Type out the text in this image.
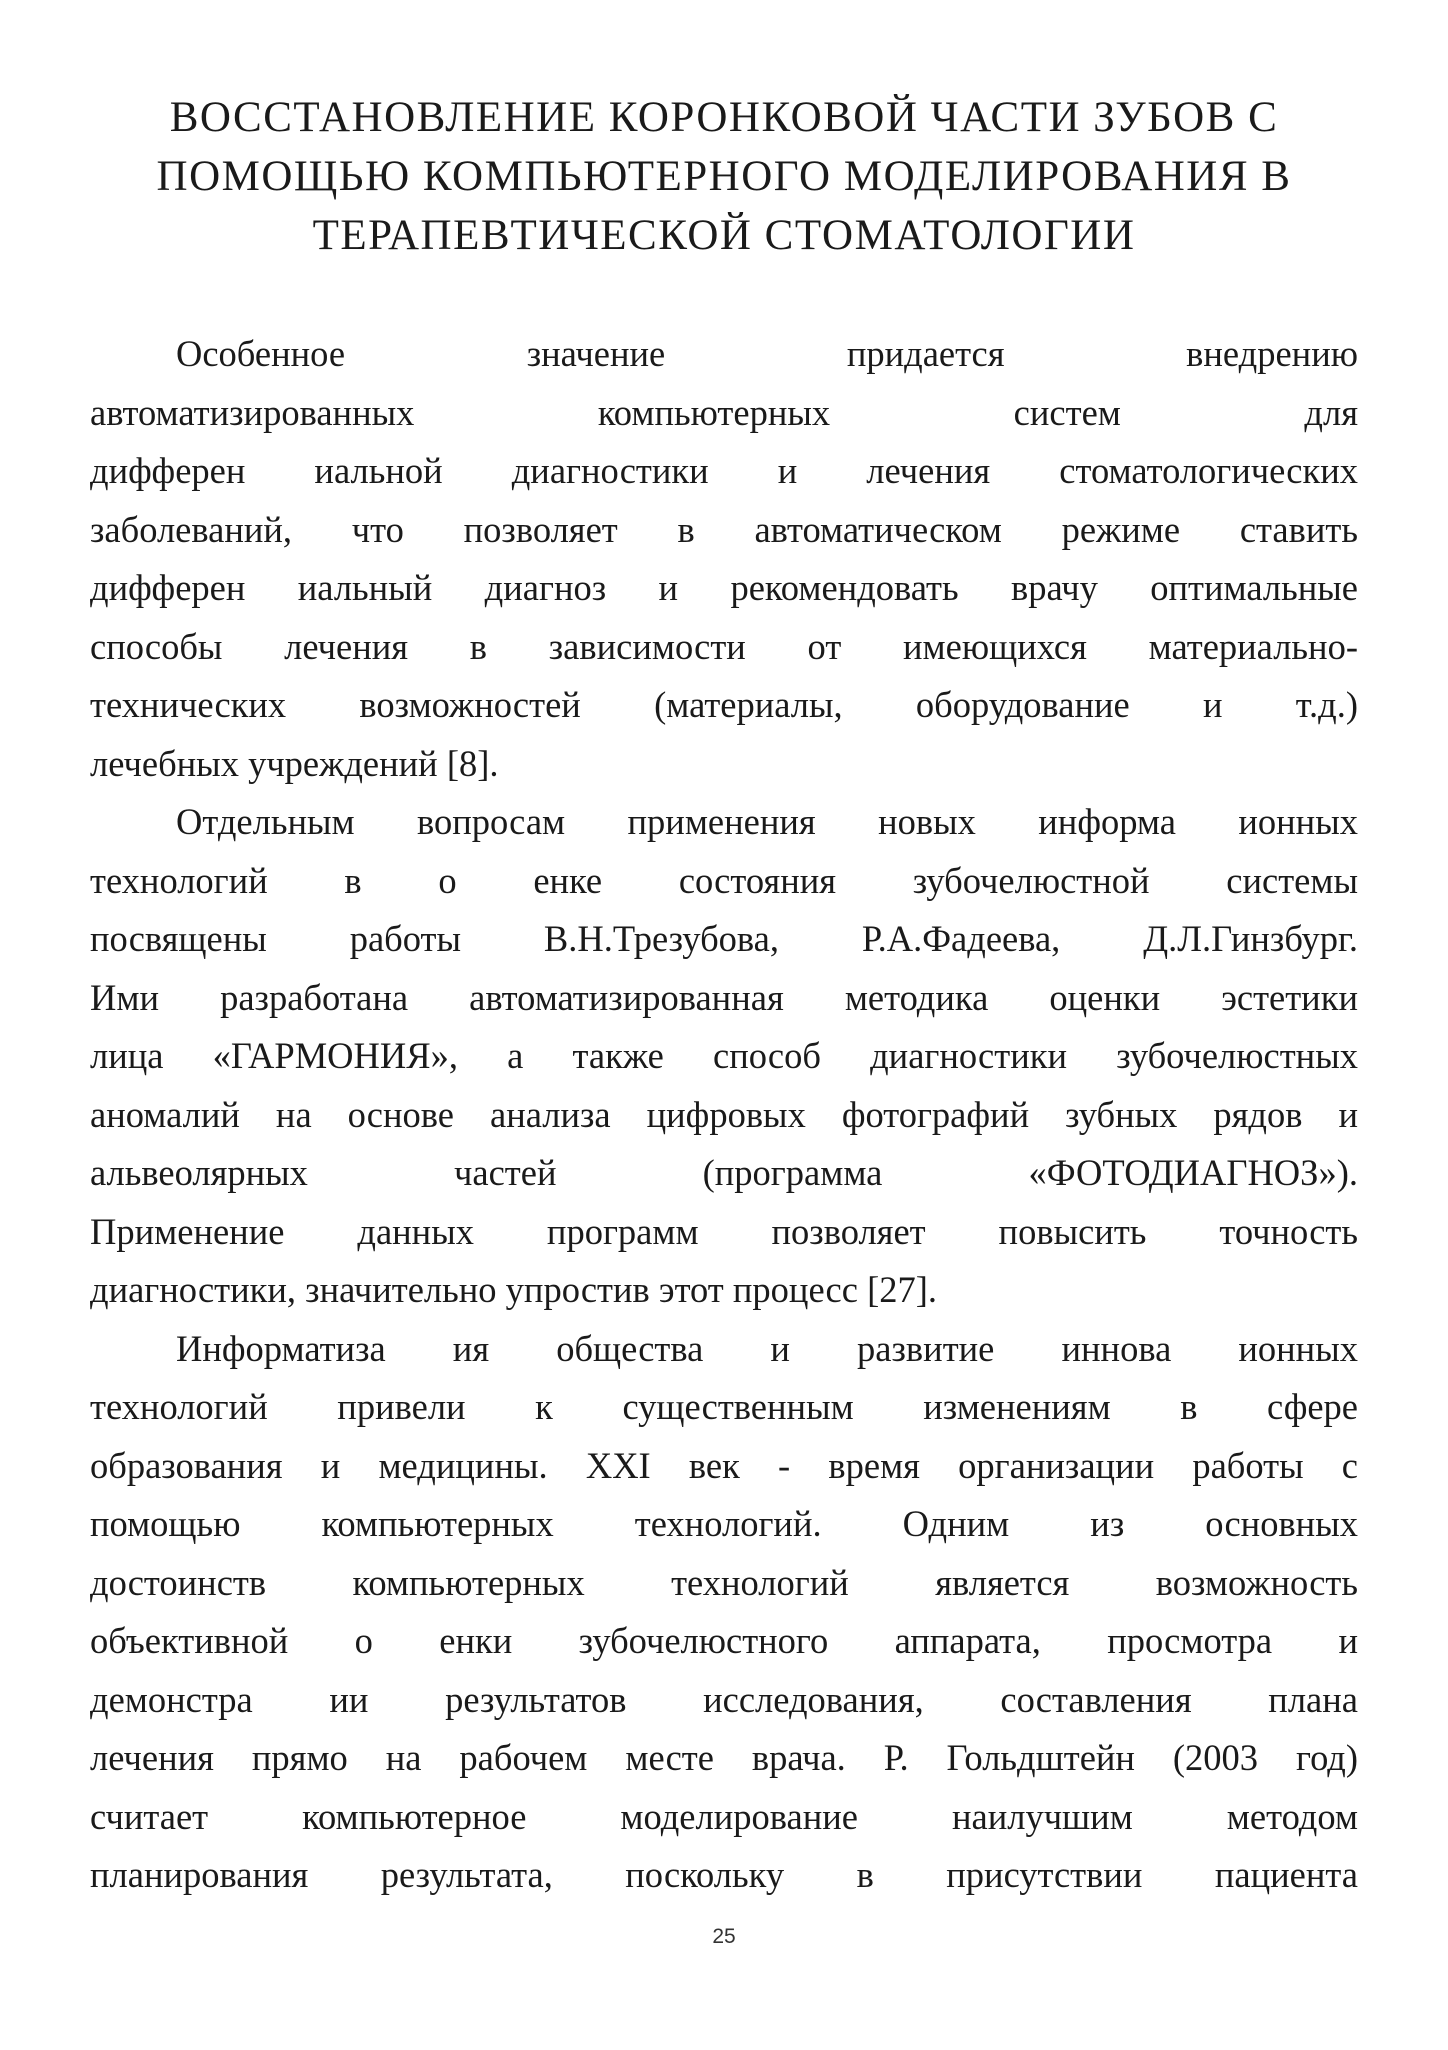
ВОССТАНОВЛЕНИЕ КОРОНКОВОЙ ЧАСТИ ЗУБОВ С
ПОМОЩЬЮ КОМПЬЮТЕРНОГО МОДЕЛИРОВАНИЯ В
ТЕРАПЕВТИЧЕСКОЙ СТОМАТОЛОГИИ

Особенное значение придается внедрению
автоматизированных компьютерных систем для
дифферен иальной диагностики и лечения стоматологических
заболеваний, что позволяет в автоматическом режиме ставить
дифферен иальный диагноз и рекомендовать врачу оптимальные
способы лечения в зависимости от имеющихся материально-
технических возможностей (материалы, оборудование и т.д.)
лечебных учреждений [8].

Отдельным вопросам применения новых информа ионных
технологий в о енке состояния зубочелюстной системы
посвящены работы В.Н.Трезубова, Р.А.Фадеева, Д.Л.Гинзбург.
Ими разработана автоматизированная методика оценки эстетики
лица «ГАРМОНИЯ», а также способ диагностики зубочелюстных
аномалий на основе анализа цифровых фотографий зубных рядов и
альвеолярных частей (программа «ФОТОДИАГНОЗ»).
Применение данных программ позволяет повысить точность
диагностики, значительно упростив этот процесс [27].

Информатиза ия общества и развитие иннова ионных
технологий привели к существенным изменениям в сфере
образования и медицины. XXI век - время организации работы с
помощью компьютерных технологий. Одним из основных
достоинств компьютерных технологий является возможность
объективной о енки зубочелюстного аппарата, просмотра и
демонстра ии результатов исследования, составления плана
лечения прямо на рабочем месте врача. Р. Гольдштейн (2003 год)
считает компьютерное моделирование наилучшим методом
планирования результата, поскольку в присутствии пациента

25
